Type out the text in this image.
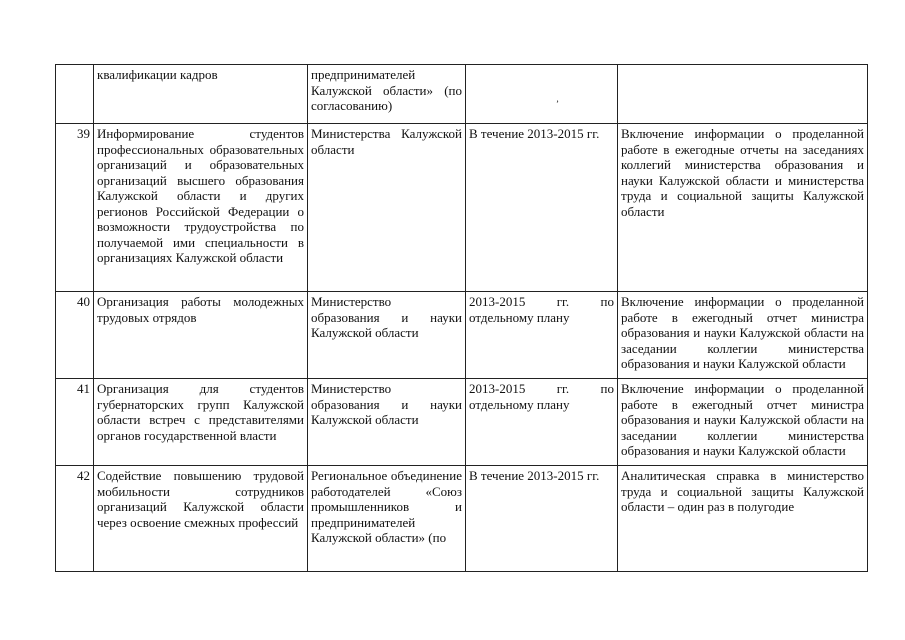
	квалификации кадров	предпринимателей Калужской области» (по согласованию)		
39	Информирование студентов профессиональных образовательных организаций и образовательных организаций высшего образования Калужской области и других регионов Российской Федерации о возможности трудоустройства по получаемой ими специальности в организациях Калужской области	Министерства Калужской области	В течение 2013-2015 гг.	Включение информации о проделанной работе в ежегодные отчеты на заседаниях коллегий министерства образования и науки Калужской области и министерства труда и социальной защиты Калужской области
40	Организация работы молодежных трудовых отрядов	Министерство образования и науки Калужской области	2013-2015 гг. по отдельному плану	Включение информации о проделанной работе в ежегодный отчет министра образования и науки Калужской области на заседании коллегии министерства образования и науки Калужской области
41	Организация для студентов губернаторских групп Калужской области встреч с представителями органов государственной власти	Министерство образования и науки Калужской области	2013-2015 гг. по отдельному плану	Включение информации о проделанной работе в ежегодный отчет министра образования и науки Калужской области на заседании коллегии министерства образования и науки Калужской области
42	Содействие повышению трудовой мобильности сотрудников организаций Калужской области через освоение смежных профессий	Региональное объединение работодателей «Союз промышленников и предпринимателей Калужской области» (по	В течение 2013-2015 гг.	Аналитическая справка в министерство труда и социальной защиты Калужской области – один раз в полугодие
ʼ
